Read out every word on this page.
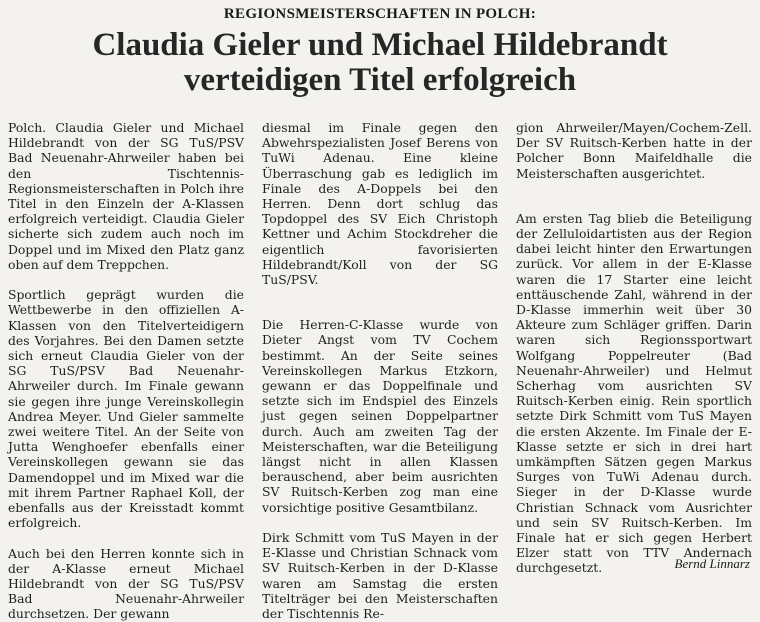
REGIONSMEISTERSCHAFTEN IN POLCH:
Claudia Gieler und Michael Hildebrandt
verteidigen Titel erfolgreich

Polch. Claudia Gieler und Michael Hildebrandt von der SG TuS/PSV Bad Neuenahr-Ahrweiler haben bei den Tischtennis-Regionsmeisterschaften in Polch ihre Titel in den Einzeln der A-Klassen erfolgreich verteidigt. Claudia Gieler sicherte sich zudem auch noch im Doppel und im Mixed den Platz ganz oben auf dem Treppchen.

Sportlich geprägt wurden die Wettbewerbe in den offiziellen A-Klassen von den Titelverteidigern des Vorjahres. Bei den Damen setzte sich erneut Claudia Gieler von der SG TuS/PSV Bad Neuenahr-Ahrweiler durch. Im Finale gewann sie gegen ihre junge Vereinskollegin Andrea Meyer. Und Gieler sammelte zwei weitere Titel. An der Seite von Jutta Wenghoefer ebenfalls einer Vereinskollegen gewann sie das Damendoppel und im Mixed war die mit ihrem Partner Raphael Koll, der ebenfalls aus der Kreisstadt kommt erfolgreich.

Auch bei den Herren konnte sich in der A-Klasse erneut Michael Hildebrandt von der SG TuS/PSV Bad Neuenahr-Ahrweiler durchsetzen. Der gewann

diesmal im Finale gegen den Abwehrspezialisten Josef Berens von TuWi Adenau. Eine kleine Überraschung gab es lediglich im Finale des A-Doppels bei den Herren. Denn dort schlug das Topdoppel des SV Eich Christoph Kettner und Achim Stockdreher die eigentlich favorisierten Hildebrandt/Koll von der SG TuS/PSV.

Die Herren-C-Klasse wurde von Dieter Angst vom TV Cochem bestimmt. An der Seite seines Vereinskollegen Markus Etzkorn, gewann er das Doppelfinale und setzte sich im Endspiel des Einzels just gegen seinen Doppelpartner durch. Auch am zweiten Tag der Meisterschaften, war die Beteiligung längst nicht in allen Klassen berauschend, aber beim ausrichten SV Ruitsch-Kerben zog man eine vorsichtige positive Gesamtbilanz.

Dirk Schmitt vom TuS Mayen in der E-Klasse und Christian Schnack vom SV Ruitsch-Kerben in der D-Klasse waren am Samstag die ersten Titelträger bei den Meisterschaften der Tischtennis Re-

gion Ahrweiler/Mayen/Cochem-Zell. Der SV Ruitsch-Kerben hatte in der Polcher Bonn Maifeldhalle die Meisterschaften ausgerichtet.

Am ersten Tag blieb die Beteiligung der Zelluloidartisten aus der Region dabei leicht hinter den Erwartungen zurück. Vor allem in der E-Klasse waren die 17 Starter eine leicht enttäuschende Zahl, während in der D-Klasse immerhin weit über 30 Akteure zum Schläger griffen. Darin waren sich Regionssportwart Wolfgang Poppelreuter (Bad Neuenahr-Ahrweiler) und Helmut Scherhag vom ausrichten SV Ruitsch-Kerben einig. Rein sportlich setzte Dirk Schmitt vom TuS Mayen die ersten Akzente. Im Finale der E-Klasse setzte er sich in drei hart umkämpften Sätzen gegen Markus Surges von TuWi Adenau durch. Sieger in der D-Klasse wurde Christian Schnack vom Ausrichter und sein SV Ruitsch-Kerben. Im Finale hat er sich gegen Herbert Elzer statt von TTV Andernach durchgesetzt.	Bernd Linnarz
